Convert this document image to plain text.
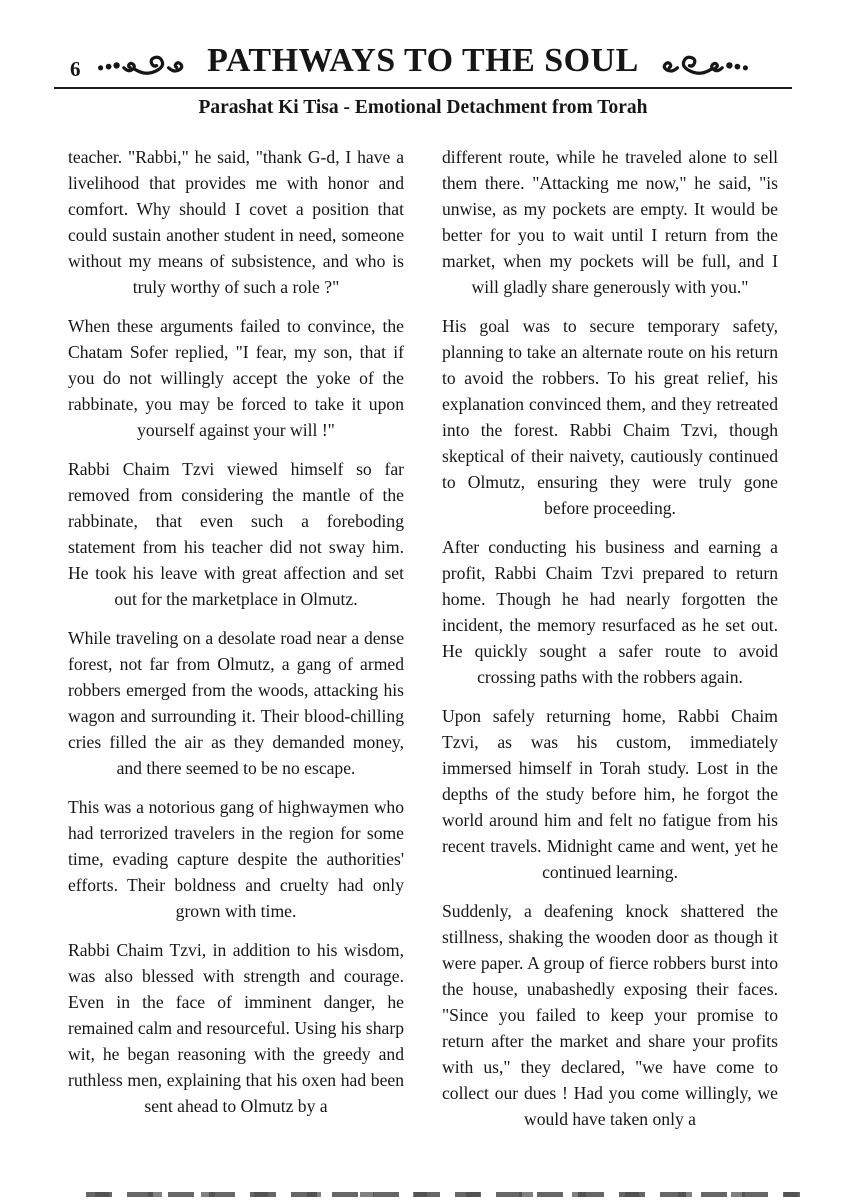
6	PATHWAYS TO THE SOUL
Parashat Ki Tisa - Emotional Detachment from Torah

teacher. "Rabbi," he said, "thank G-d, I have a livelihood that provides me with honor and comfort. Why should I covet a position that could sustain another student in need, someone without my means of subsistence, and who is truly worthy of such a role ?"

When these arguments failed to convince, the Chatam Sofer replied, "I fear, my son, that if you do not willingly accept the yoke of the rabbinate, you may be forced to take it upon yourself against your will !"

Rabbi Chaim Tzvi viewed himself so far removed from considering the mantle of the rabbinate, that even such a foreboding statement from his teacher did not sway him. He took his leave with great affection and set out for the marketplace in Olmutz.

While traveling on a desolate road near a dense forest, not far from Olmutz, a gang of armed robbers emerged from the woods, attacking his wagon and surrounding it. Their blood-chilling cries filled the air as they demanded money, and there seemed to be no escape.

This was a notorious gang of highwaymen who had terrorized travelers in the region for some time, evading capture despite the authorities' efforts. Their boldness and cruelty had only grown with time.

Rabbi Chaim Tzvi, in addition to his wisdom, was also blessed with strength and courage. Even in the face of imminent danger, he remained calm and resourceful. Using his sharp wit, he began reasoning with the greedy and ruthless men, explaining that his oxen had been sent ahead to Olmutz by a

different route, while he traveled alone to sell them there. "Attacking me now," he said, "is unwise, as my pockets are empty. It would be better for you to wait until I return from the market, when my pockets will be full, and I will gladly share generously with you."

His goal was to secure temporary safety, planning to take an alternate route on his return to avoid the robbers. To his great relief, his explanation convinced them, and they retreated into the forest. Rabbi Chaim Tzvi, though skeptical of their naivety, cautiously continued to Olmutz, ensuring they were truly gone before proceeding.

After conducting his business and earning a profit, Rabbi Chaim Tzvi prepared to return home. Though he had nearly forgotten the incident, the memory resurfaced as he set out. He quickly sought a safer route to avoid crossing paths with the robbers again.

Upon safely returning home, Rabbi Chaim Tzvi, as was his custom, immediately immersed himself in Torah study. Lost in the depths of the study before him, he forgot the world around him and felt no fatigue from his recent travels. Midnight came and went, yet he continued learning.

Suddenly, a deafening knock shattered the stillness, shaking the wooden door as though it were paper. A group of fierce robbers burst into the house, unabashedly exposing their faces. "Since you failed to keep your promise to return after the market and share your profits with us," they declared, "we have come to collect our dues ! Had you come willingly, we would have taken only a
